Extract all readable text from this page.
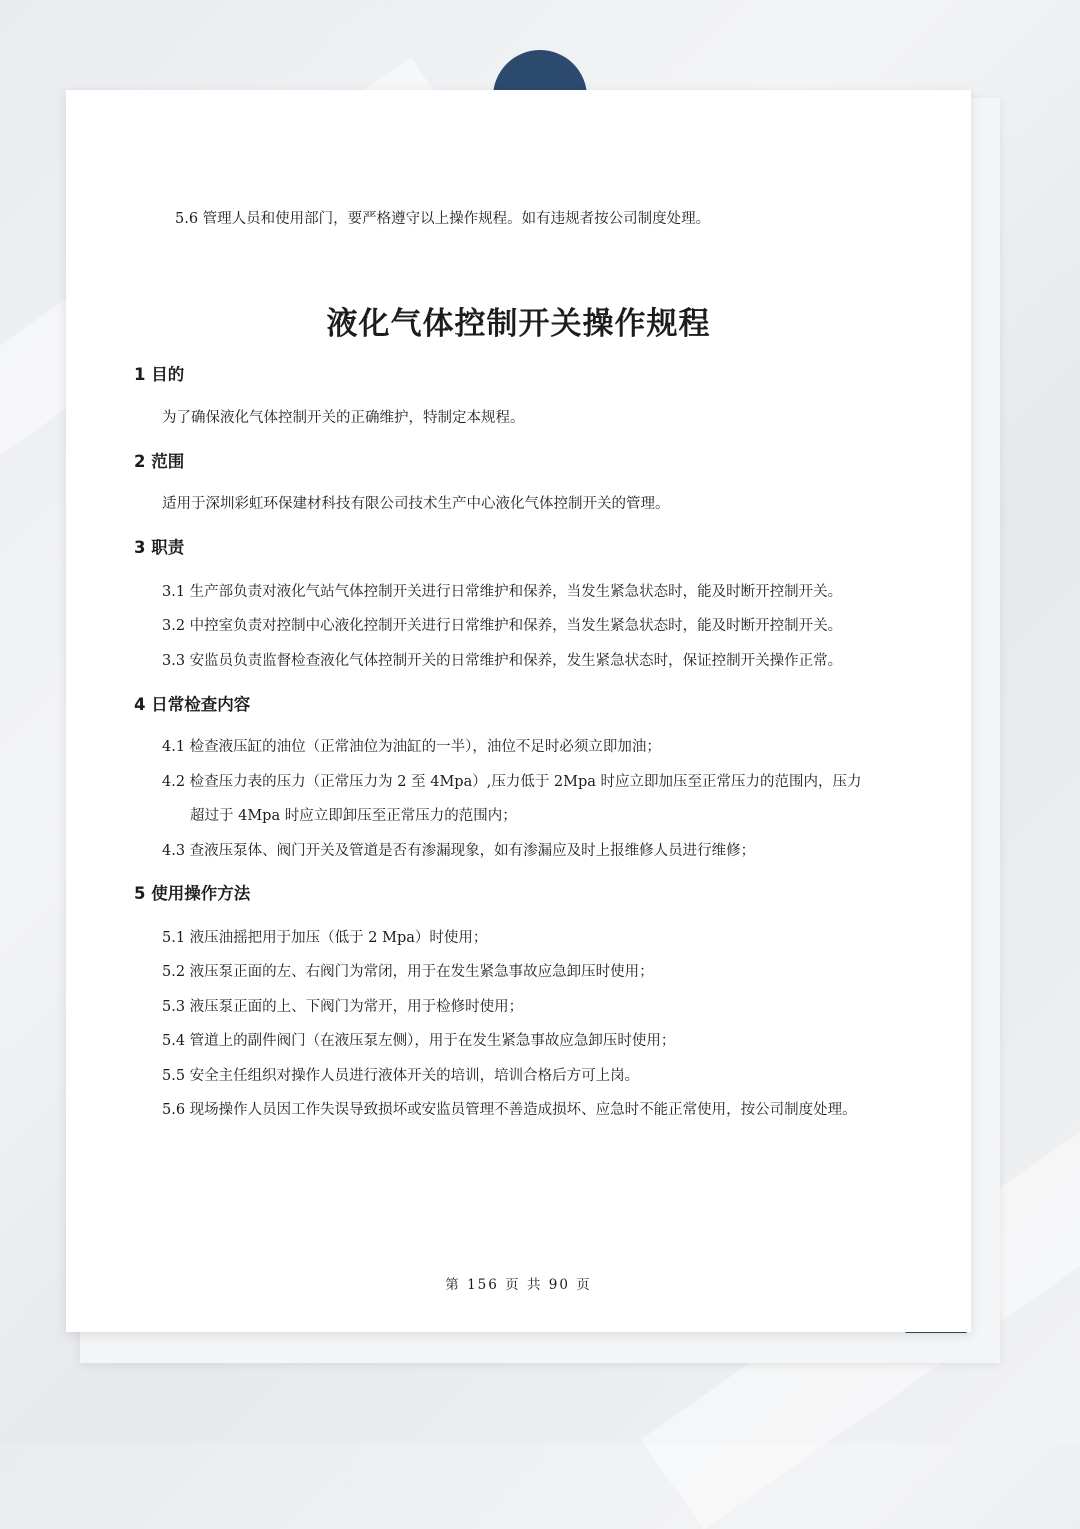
5.6 管理人员和使用部门，要严格遵守以上操作规程。如有违规者按公司制度处理。
液化气体控制开关操作规程
1 目的
为了确保液化气体控制开关的正确维护，特制定本规程。
2 范围
适用于深圳彩虹环保建材科技有限公司技术生产中心液化气体控制开关的管理。
3 职责
3.1 生产部负责对液化气站气体控制开关进行日常维护和保养，当发生紧急状态时，能及时断开控制开关。
3.2 中控室负责对控制中心液化控制开关进行日常维护和保养，当发生紧急状态时，能及时断开控制开关。
3.3 安监员负责监督检查液化气体控制开关的日常维护和保养，发生紧急状态时，保证控制开关操作正常。
4 日常检查内容
4.1 检查液压缸的油位（正常油位为油缸的一半），油位不足时必须立即加油；
4.2 检查压力表的压力（正常压力为 2 至 4Mpa）,压力低于 2Mpa 时应立即加压至正常压力的范围内，压力
超过于 4Mpa 时应立即卸压至正常压力的范围内；
4.3 查液压泵体、阀门开关及管道是否有渗漏现象，如有渗漏应及时上报维修人员进行维修；
5 使用操作方法
5.1 液压油摇把用于加压（低于 2 Mpa）时使用；
5.2 液压泵正面的左、右阀门为常闭，用于在发生紧急事故应急卸压时使用；
5.3 液压泵正面的上、下阀门为常开，用于检修时使用；
5.4 管道上的副件阀门（在液压泵左侧），用于在发生紧急事故应急卸压时使用；
5.5 安全主任组织对操作人员进行液体开关的培训，培训合格后方可上岗。
5.6 现场操作人员因工作失误导致损坏或安监员管理不善造成损坏、应急时不能正常使用，按公司制度处理。
第 156 页 共 90 页
